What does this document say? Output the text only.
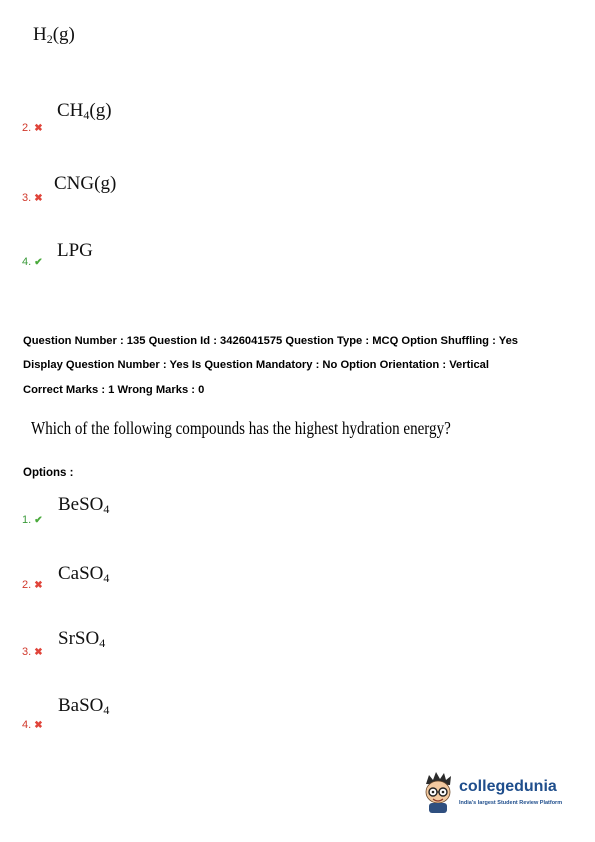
$H_2(g)$
$CH_4(g)$
2. ✖
CNG(g)
3. ✖
LPG
4. ✔
Question Number : 135 Question Id : 3426041575 Question Type : MCQ Option Shuffling : Yes
Display Question Number : Yes Is Question Mandatory : No Option Orientation : Vertical
Correct Marks : 1 Wrong Marks : 0
Which of the following compounds has the highest hydration energy?
Options :
BeSO$_4$
1. ✔
CaSO$_4$
2. ✖
SrSO$_4$
3. ✖
BaSO$_4$
4. ✖
collegedunia
India's largest Student Review Platform
